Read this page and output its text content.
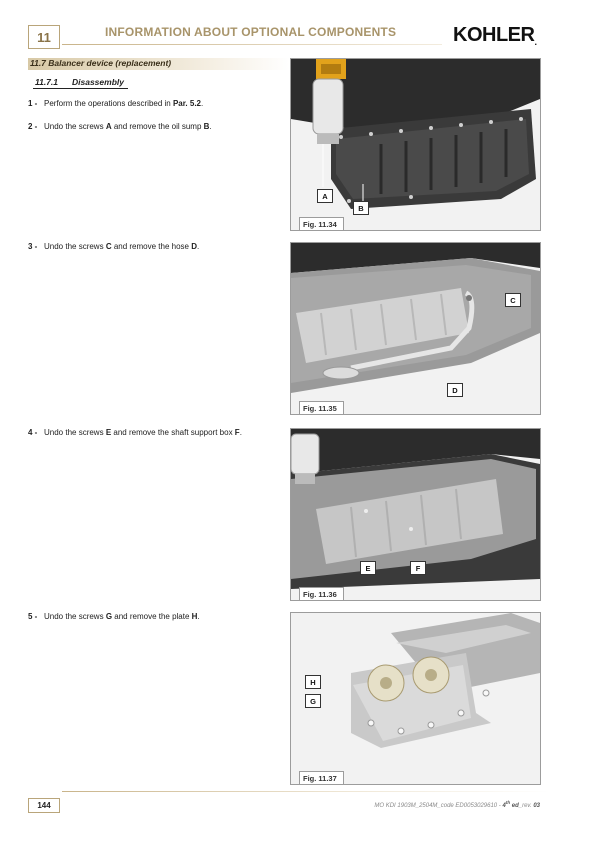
11	INFORMATION ABOUT OPTIONAL COMPONENTS	KOHLER.
11.7 Balancer device (replacement)
11.7.1 Disassembly
1 - Perform the operations described in Par. 5.2.
2 - Undo the screws A and remove the oil sump B.
3 - Undo the screws C and remove the hose D.
4 - Undo the screws E and remove the shaft support box F.
5 - Undo the screws G and remove the plate H.
A
B
Fig. 11.34
C
D
Fig. 11.35
E	F
Fig. 11.36
H
G
Fig. 11.37
144	MO KDI 1903M_2504M_code ED0053029610 - 4th ed_rev. 03
